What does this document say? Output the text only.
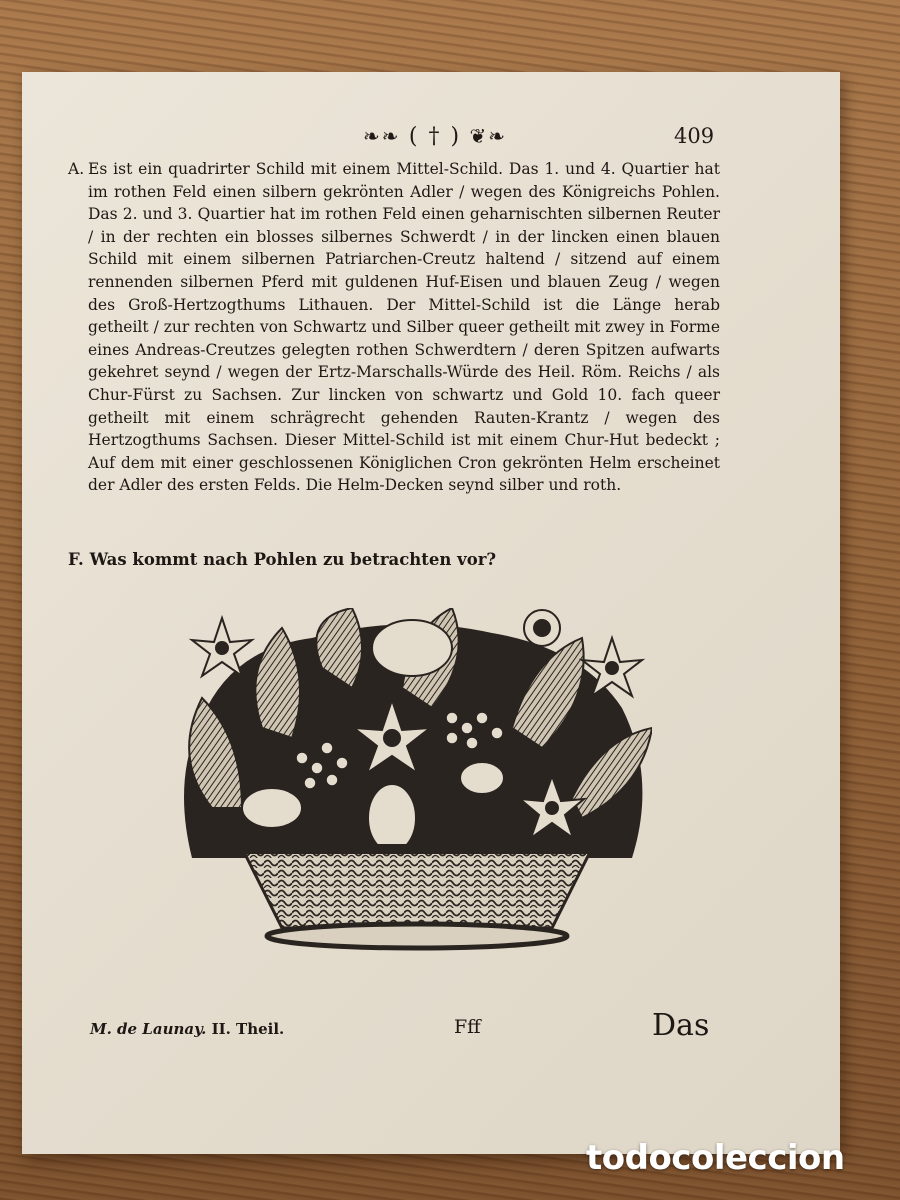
❧❧ ( † ) ❦❧	409
A. Es ist ein quadrirter Schild mit einem Mittel-Schild. Das 1. und 4. Quartier hat im rothen Feld einen silbern gekrönten Adler / wegen des Königreichs Pohlen. Das 2. und 3. Quartier hat im rothen Feld einen geharnischten silbernen Reuter / in der rechten ein blosses silbernes Schwerdt / in der lincken einen blauen Schild mit einem silbernen Patriarchen-Creutz haltend / sitzend auf einem rennenden silbernen Pferd mit guldenen Huf-Eisen und blauen Zeug / wegen des Groß-Hertzogthums Lithauen. Der Mittel-Schild ist die Länge herab getheilt / zur rechten von Schwartz und Silber queer getheilt mit zwey in Forme eines Andreas-Creutzes gelegten rothen Schwerdtern / deren Spitzen aufwarts gekehret seynd / wegen der Ertz-Marschalls-Würde des Heil. Röm. Reichs / als Chur-Fürst zu Sachsen. Zur lincken von schwartz und Gold 10. fach queer getheilt mit einem schrägrecht gehenden Rauten-Krantz / wegen des Hertzogthums Sachsen. Dieser Mittel-Schild ist mit einem Chur-Hut bedeckt ; Auf dem mit einer geschlossenen Königlichen Cron gekrönten Helm erscheinet der Adler des ersten Felds. Die Helm-Decken seynd silber und roth.
F. Was kommt nach Pohlen zu betrachten vor?
M. de Launay. II. Theil.	Fff	Das
todocoleccion
